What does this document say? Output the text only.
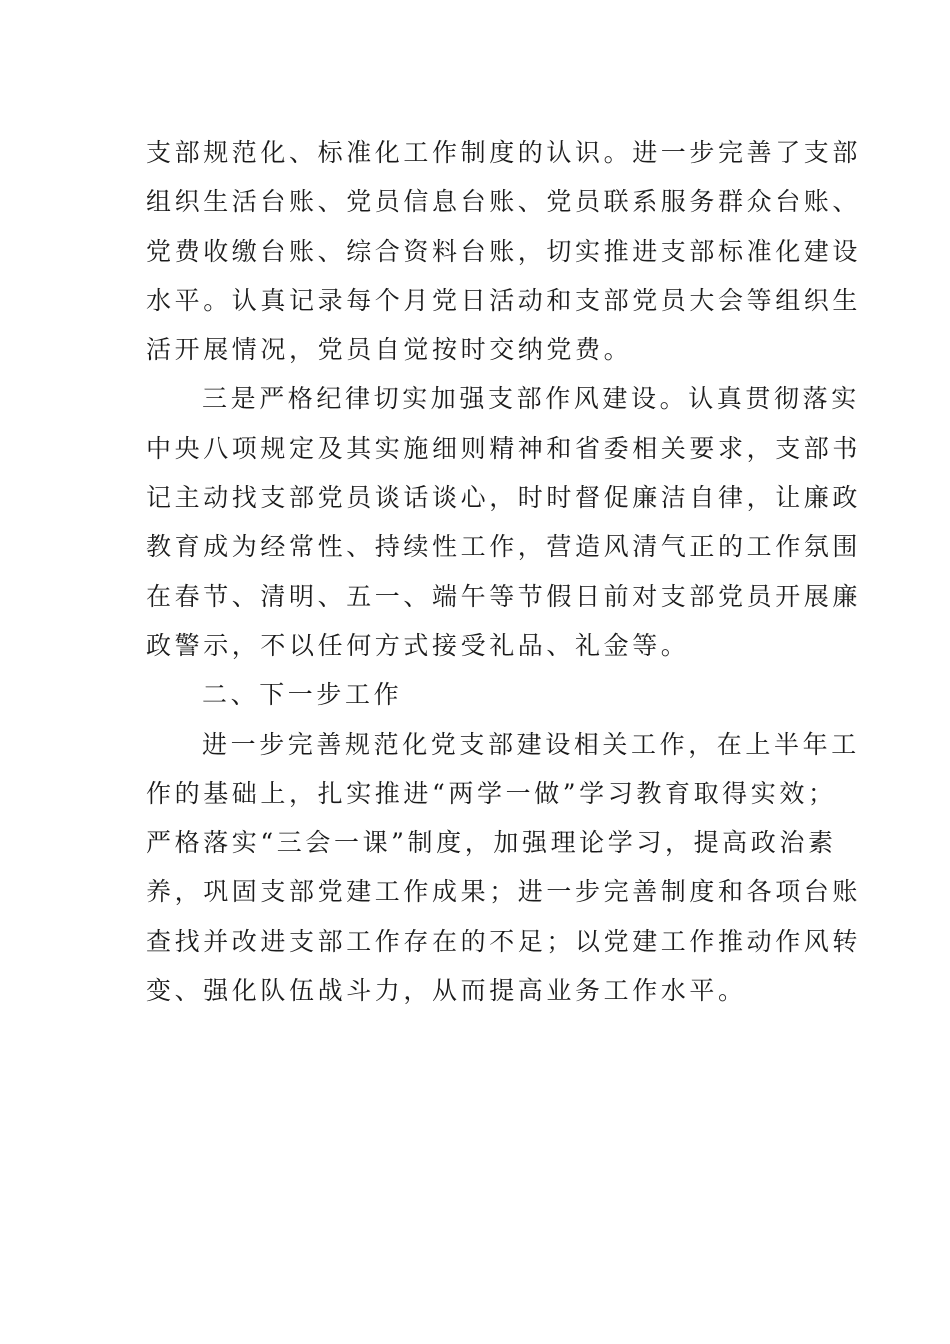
支部规范化、标准化工作制度的认识。进一步完善了支部
组织生活台账、党员信息台账、党员联系服务群众台账、
党费收缴台账、综合资料台账，切实推进支部标准化建设
水平。认真记录每个月党日活动和支部党员大会等组织生
活开展情况，党员自觉按时交纳党费。
三是严格纪律切实加强支部作风建设。认真贯彻落实
中央八项规定及其实施细则精神和省委相关要求，支部书
记主动找支部党员谈话谈心，时时督促廉洁自律，让廉政
教育成为经常性、持续性工作，营造风清气正的工作氛围
在春节、清明、五一、端午等节假日前对支部党员开展廉
政警示，不以任何方式接受礼品、礼金等。
二、下一步工作
进一步完善规范化党支部建设相关工作，在上半年工
作的基础上，扎实推进“两学一做”学习教育取得实效；
严格落实“三会一课”制度，加强理论学习，提高政治素
养，巩固支部党建工作成果；进一步完善制度和各项台账
查找并改进支部工作存在的不足；以党建工作推动作风转
变、强化队伍战斗力，从而提高业务工作水平。
